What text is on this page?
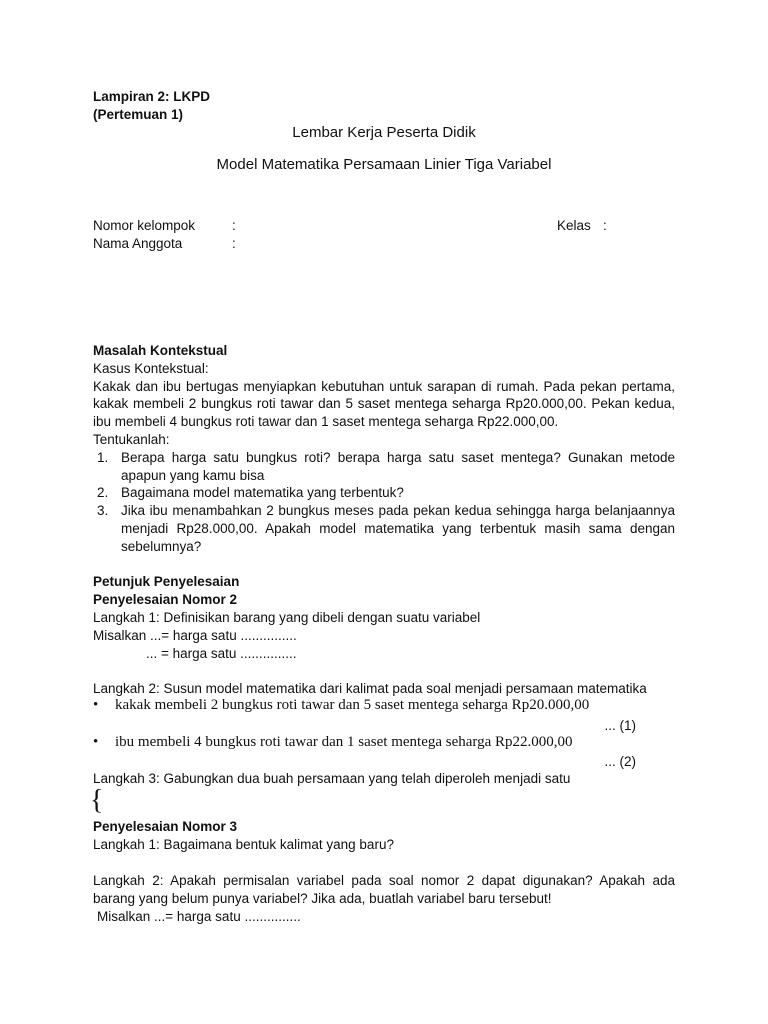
Lampiran 2: LKPD
(Pertemuan 1)
Lembar Kerja Peserta Didik
Model Matematika Persamaan Linier Tiga Variabel
Nomor kelompok	:	Kelas :
Nama Anggota	:

Masalah Kontekstual

Kasus Kontekstual:

Kakak dan ibu bertugas menyiapkan kebutuhan untuk sarapan di rumah. Pada pekan pertama, kakak membeli 2 bungkus roti tawar dan 5 saset mentega seharga Rp20.000,00. Pekan kedua, ibu membeli 4 bungkus roti tawar dan 1 saset mentega seharga Rp22.000,00.

Tentukanlah:

1. Berapa harga satu bungkus roti? berapa harga satu saset mentega? Gunakan metode apapun yang kamu bisa
2. Bagaimana model matematika yang terbentuk?
3. Jika ibu menambahkan 2 bungkus meses pada pekan kedua sehingga harga belanjaannya menjadi Rp28.000,00. Apakah model matematika yang terbentuk masih sama dengan sebelumnya?
Petunjuk Penyelesaian
Penyelesaian Nomor 2
Langkah 1: Definisikan barang yang dibeli dengan suatu variabel
Misalkan ...= harga satu ...............
... = harga satu ...............
Langkah 2: Susun model matematika dari kalimat pada soal menjadi persamaan matematika
• kakak membeli 2 bungkus roti tawar dan 5 saset mentega seharga Rp20.000,00
... (1)
• ibu membeli 4 bungkus roti tawar dan 1 saset mentega seharga Rp22.000,00
... (2)
Langkah 3: Gabungkan dua buah persamaan yang telah diperoleh menjadi satu
{
Penyelesaian Nomor 3
Langkah 1: Bagaimana bentuk kalimat yang baru?
Langkah 2: Apakah permisalan variabel pada soal nomor 2 dapat digunakan? Apakah ada barang yang belum punya variabel? Jika ada, buatlah variabel baru tersebut!
Misalkan ...= harga satu ...............
